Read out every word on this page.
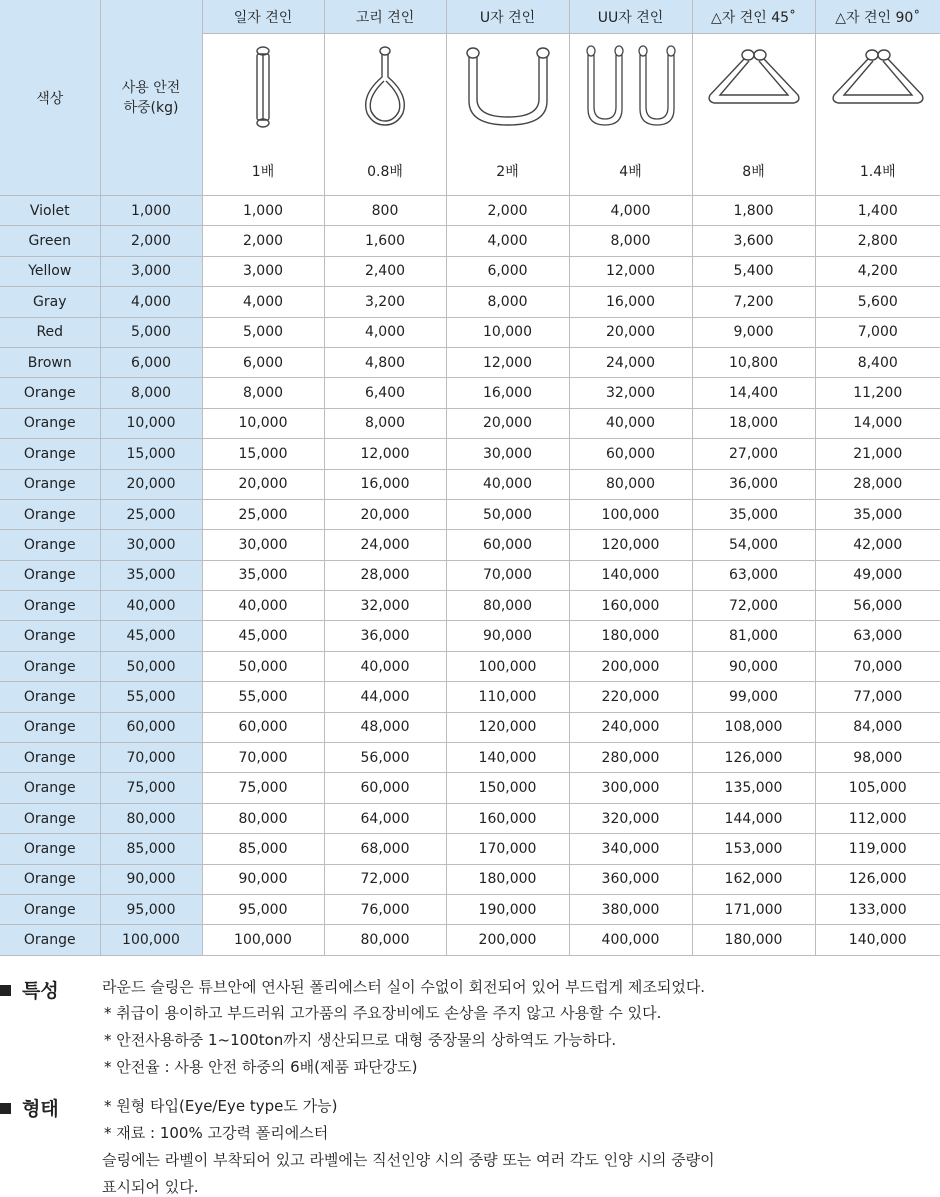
색상	사용 안전
하중(kg)	일자 견인	고리 견인	U자 견인	UU자 견인	△자 견인 45˚	△자 견인 90˚

		1배	0.8배	2배	4배	8배	1.4배

Violet	1,000	1,000	800	2,000	4,000	1,800	1,400
Green	2,000	2,000	1,600	4,000	8,000	3,600	2,800
Yellow	3,000	3,000	2,400	6,000	12,000	5,400	4,200
Gray	4,000	4,000	3,200	8,000	16,000	7,200	5,600
Red	5,000	5,000	4,000	10,000	20,000	9,000	7,000
Brown	6,000	6,000	4,800	12,000	24,000	10,800	8,400
Orange	8,000	8,000	6,400	16,000	32,000	14,400	11,200
Orange	10,000	10,000	8,000	20,000	40,000	18,000	14,000
Orange	15,000	15,000	12,000	30,000	60,000	27,000	21,000
Orange	20,000	20,000	16,000	40,000	80,000	36,000	28,000
Orange	25,000	25,000	20,000	50,000	100,000	35,000	35,000
Orange	30,000	30,000	24,000	60,000	120,000	54,000	42,000
Orange	35,000	35,000	28,000	70,000	140,000	63,000	49,000
Orange	40,000	40,000	32,000	80,000	160,000	72,000	56,000
Orange	45,000	45,000	36,000	90,000	180,000	81,000	63,000
Orange	50,000	50,000	40,000	100,000	200,000	90,000	70,000
Orange	55,000	55,000	44,000	110,000	220,000	99,000	77,000
Orange	60,000	60,000	48,000	120,000	240,000	108,000	84,000
Orange	70,000	70,000	56,000	140,000	280,000	126,000	98,000
Orange	75,000	75,000	60,000	150,000	300,000	135,000	105,000
Orange	80,000	80,000	64,000	160,000	320,000	144,000	112,000
Orange	85,000	85,000	68,000	170,000	340,000	153,000	119,000
Orange	90,000	90,000	72,000	180,000	360,000	162,000	126,000
Orange	95,000	95,000	76,000	190,000	380,000	171,000	133,000
Orange	100,000	100,000	80,000	200,000	400,000	180,000	140,000
특성	라운드 슬링은 튜브안에 연사된 폴리에스터 실이 수없이 회전되어 있어 부드럽게 제조되었다.
* 취급이 용이하고 부드러워 고가품의 주요장비에도 손상을 주지 않고 사용할 수 있다.
* 안전사용하중 1~100ton까지 생산되므로 대형 중장물의 상하역도 가능하다.
* 안전율 : 사용 안전 하중의 6배(제품 파단강도)
형태	* 원형 타입(Eye/Eye type도 가능)
* 재료 : 100% 고강력 폴리에스터
슬링에는 라벨이 부착되어 있고 라벨에는 직선인양 시의 중량 또는 여러 각도 인양 시의 중량이
표시되어 있다.
